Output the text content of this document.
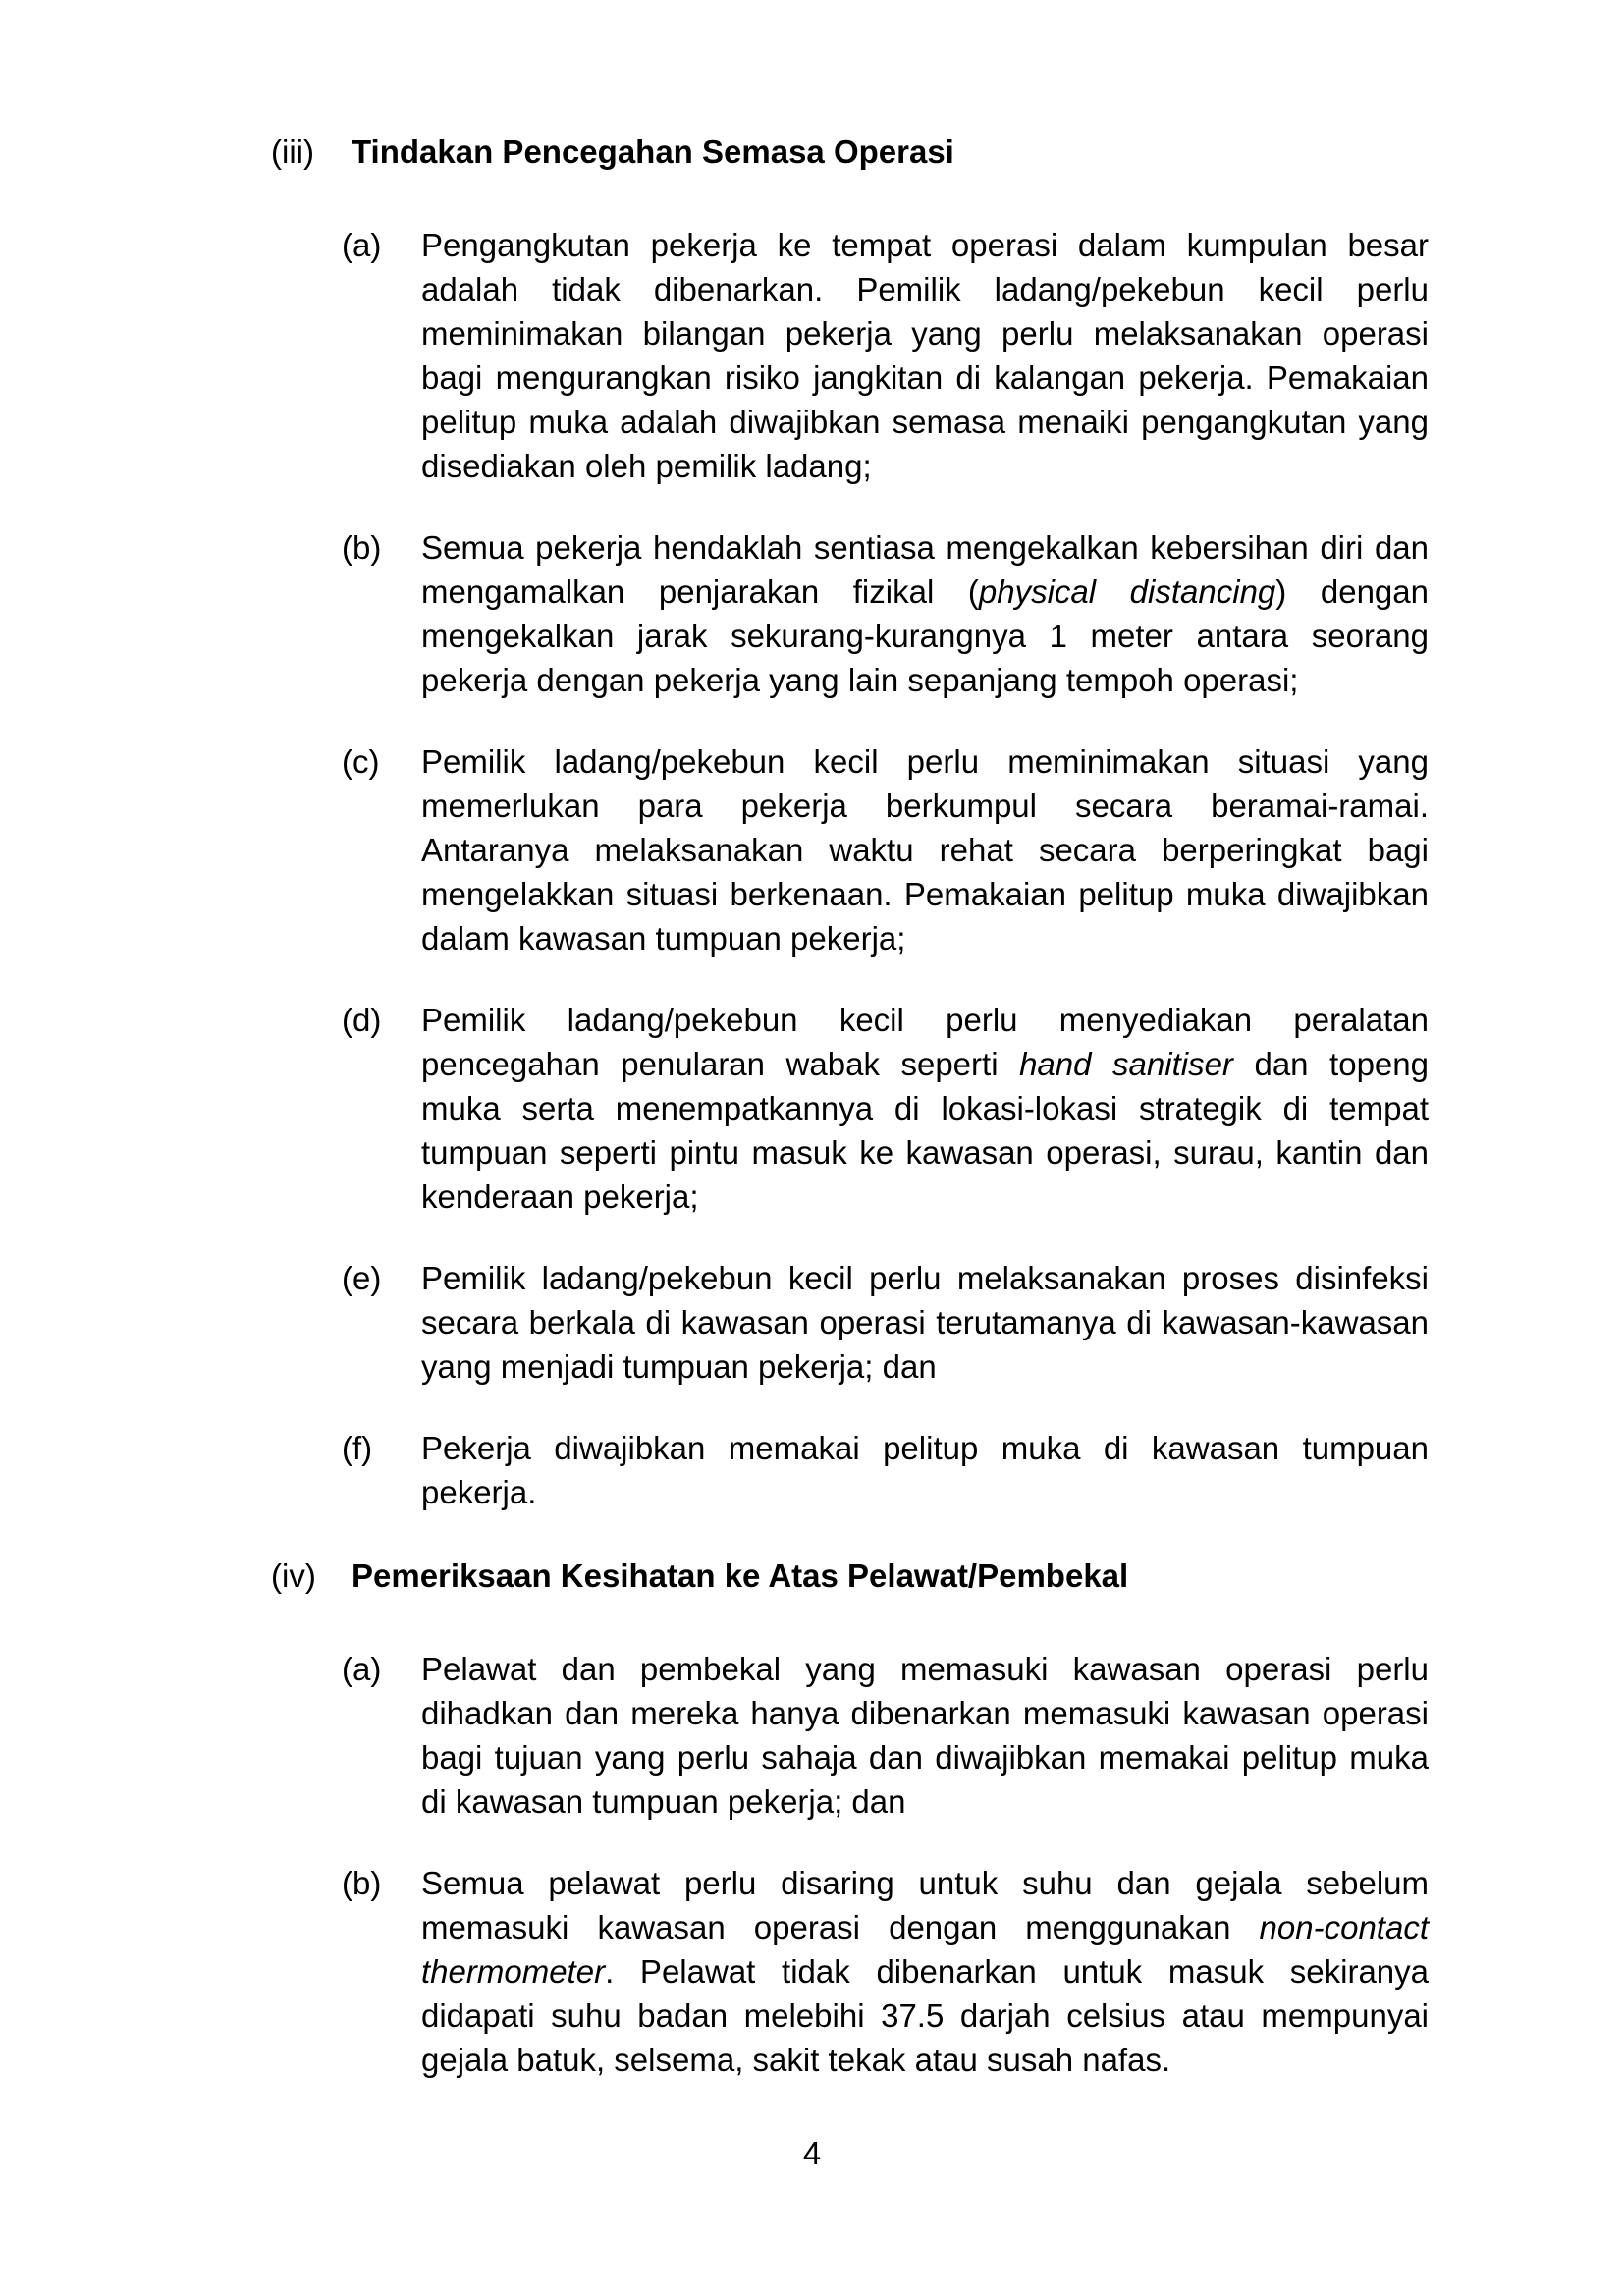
(iii) Tindakan Pencegahan Semasa Operasi
(a) Pengangkutan pekerja ke tempat operasi dalam kumpulan besar adalah tidak dibenarkan. Pemilik ladang/pekebun kecil perlu meminimakan bilangan pekerja yang perlu melaksanakan operasi bagi mengurangkan risiko jangkitan di kalangan pekerja. Pemakaian pelitup muka adalah diwajibkan semasa menaiki pengangkutan yang disediakan oleh pemilik ladang;
(b) Semua pekerja hendaklah sentiasa mengekalkan kebersihan diri dan mengamalkan penjarakan fizikal (physical distancing) dengan mengekalkan jarak sekurang-kurangnya 1 meter antara seorang pekerja dengan pekerja yang lain sepanjang tempoh operasi;
(c) Pemilik ladang/pekebun kecil perlu meminimakan situasi yang memerlukan para pekerja berkumpul secara beramai-ramai. Antaranya melaksanakan waktu rehat secara berperingkat bagi mengelakkan situasi berkenaan. Pemakaian pelitup muka diwajibkan dalam kawasan tumpuan pekerja;
(d) Pemilik ladang/pekebun kecil perlu menyediakan peralatan pencegahan penularan wabak seperti hand sanitiser dan topeng muka serta menempatkannya di lokasi-lokasi strategik di tempat tumpuan seperti pintu masuk ke kawasan operasi, surau, kantin dan kenderaan pekerja;
(e) Pemilik ladang/pekebun kecil perlu melaksanakan proses disinfeksi secara berkala di kawasan operasi terutamanya di kawasan-kawasan yang menjadi tumpuan pekerja; dan
(f) Pekerja diwajibkan memakai pelitup muka di kawasan tumpuan pekerja.
(iv) Pemeriksaan Kesihatan ke Atas Pelawat/Pembekal
(a) Pelawat dan pembekal yang memasuki kawasan operasi perlu dihadkan dan mereka hanya dibenarkan memasuki kawasan operasi bagi tujuan yang perlu sahaja dan diwajibkan memakai pelitup muka di kawasan tumpuan pekerja; dan
(b) Semua pelawat perlu disaring untuk suhu dan gejala sebelum memasuki kawasan operasi dengan menggunakan non-contact thermometer. Pelawat tidak dibenarkan untuk masuk sekiranya didapati suhu badan melebihi 37.5 darjah celsius atau mempunyai gejala batuk, selsema, sakit tekak atau susah nafas.
4
